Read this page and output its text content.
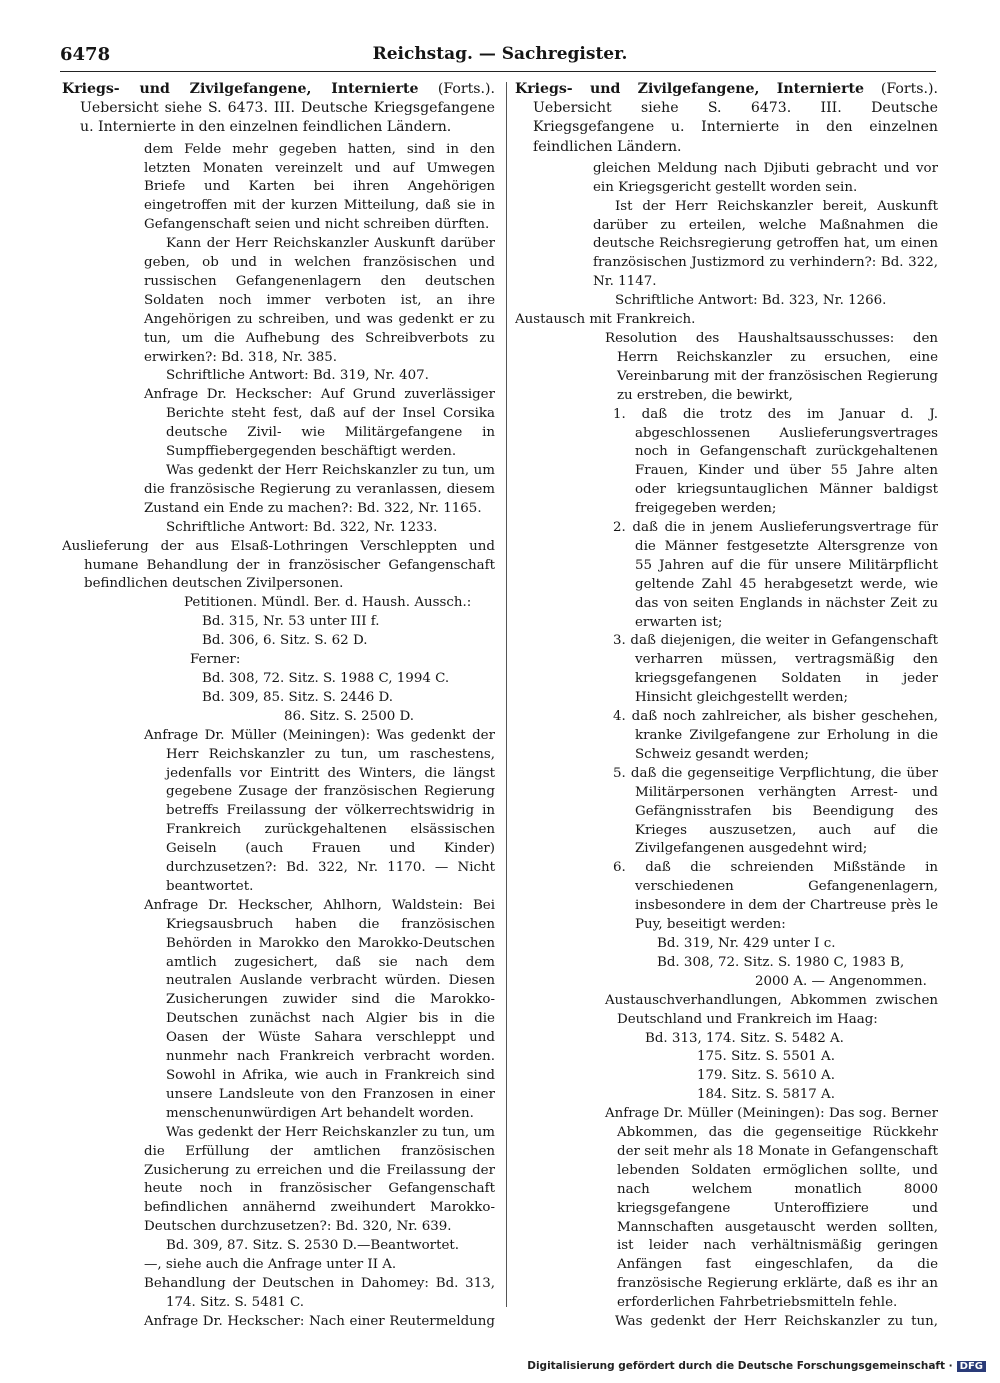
6478	Reichstag. — Sachregister.
Kriegs- und Zivilgefangene, Internierte (Forts.). Uebersicht siehe S. 6473. III. Deutsche Kriegsgefangene u. Internierte in den einzelnen feindlichen Ländern.

dem Felde mehr gegeben hatten, sind in den letzten Monaten vereinzelt und auf Umwegen Briefe und Karten bei ihren Angehörigen eingetroffen mit der kurzen Mitteilung, daß sie in Gefangenschaft seien und nicht schreiben dürften.

Kann der Herr Reichskanzler Auskunft darüber geben, ob und in welchen französischen und russischen Gefangenenlagern den deutschen Soldaten noch immer verboten ist, an ihre Angehörigen zu schreiben, und was gedenkt er zu tun, um die Aufhebung des Schreibverbots zu erwirken?: Bd. 318, Nr. 385.

Schriftliche Antwort: Bd. 319, Nr. 407.

Anfrage Dr. Heckscher: Auf Grund zuverlässiger Berichte steht fest, daß auf der Insel Corsika deutsche Zivil- wie Militärgefangene in Sumpffiebergegenden beschäftigt werden.

Was gedenkt der Herr Reichskanzler zu tun, um die französische Regierung zu veranlassen, diesem Zustand ein Ende zu machen?: Bd. 322, Nr. 1165.

Schriftliche Antwort: Bd. 322, Nr. 1233.

Auslieferung der aus Elsaß-Lothringen Verschleppten und humane Behandlung der in französischer Gefangenschaft befindlichen deutschen Zivilpersonen.

Petitionen. Mündl. Ber. d. Haush. Aussch.:

Bd. 315, Nr. 53 unter III f.

Bd. 306, 6. Sitz. S. 62 D.

Ferner:

Bd. 308, 72. Sitz. S. 1988 C, 1994 C.

Bd. 309, 85. Sitz. S. 2446 D.

86. Sitz. S. 2500 D.

Anfrage Dr. Müller (Meiningen): Was gedenkt der Herr Reichskanzler zu tun, um raschestens, jedenfalls vor Eintritt des Winters, die längst gegebene Zusage der französischen Regierung betreffs Freilassung der völkerrechtswidrig in Frankreich zurückgehaltenen elsässischen Geiseln (auch Frauen und Kinder) durchzusetzen?: Bd. 322, Nr. 1170. — Nicht beantwortet.

Anfrage Dr. Heckscher, Ahlhorn, Waldstein: Bei Kriegsausbruch haben die französischen Behörden in Marokko den Marokko-Deutschen amtlich zugesichert, daß sie nach dem neutralen Auslande verbracht würden. Diesen Zusicherungen zuwider sind die Marokko-Deutschen zunächst nach Algier bis in die Oasen der Wüste Sahara verschleppt und nunmehr nach Frankreich verbracht worden. Sowohl in Afrika, wie auch in Frankreich sind unsere Landsleute von den Franzosen in einer menschenunwürdigen Art behandelt worden.

Was gedenkt der Herr Reichskanzler zu tun, um die Erfüllung der amtlichen französischen Zusicherung zu erreichen und die Freilassung der heute noch in französischer Gefangenschaft befindlichen annähernd zweihundert Marokko-Deutschen durchzusetzen?: Bd. 320, Nr. 639.

Bd. 309, 87. Sitz. S. 2530 D.—Beantwortet.

—, siehe auch die Anfrage unter II A.

Behandlung der Deutschen in Dahomey: Bd. 313, 174. Sitz. S. 5481 C.

Anfrage Dr. Heckscher: Nach einer Reutermeldung

Kriegs- und Zivilgefangene, Internierte (Forts.). Uebersicht siehe S. 6473. III. Deutsche Kriegsgefangene u. Internierte in den einzelnen feindlichen Ländern.

gleichen Meldung nach Djibuti gebracht und vor ein Kriegsgericht gestellt worden sein.

Ist der Herr Reichskanzler bereit, Auskunft darüber zu erteilen, welche Maßnahmen die deutsche Reichsregierung getroffen hat, um einen französischen Justizmord zu verhindern?: Bd. 322, Nr. 1147.

Schriftliche Antwort: Bd. 323, Nr. 1266.

Austausch mit Frankreich.

Resolution des Haushaltsausschusses: den Herrn Reichskanzler zu ersuchen, eine Vereinbarung mit der französischen Regierung zu erstreben, die bewirkt,

1. daß die trotz des im Januar d. J. abgeschlossenen Auslieferungsvertrages noch in Gefangenschaft zurückgehaltenen Frauen, Kinder und über 55 Jahre alten oder kriegsuntauglichen Männer baldigst freigegeben werden;

2. daß die in jenem Auslieferungsvertrage für die Männer festgesetzte Altersgrenze von 55 Jahren auf die für unsere Militärpflicht geltende Zahl 45 herabgesetzt werde, wie das von seiten Englands in nächster Zeit zu erwarten ist;

3. daß diejenigen, die weiter in Gefangenschaft verharren müssen, vertragsmäßig den kriegsgefangenen Soldaten in jeder Hinsicht gleichgestellt werden;

4. daß noch zahlreicher, als bisher geschehen, kranke Zivilgefangene zur Erholung in die Schweiz gesandt werden;

5. daß die gegenseitige Verpflichtung, die über Militärpersonen verhängten Arrest- und Gefängnisstrafen bis Beendigung des Krieges auszusetzen, auch auf die Zivilgefangenen ausgedehnt wird;

6. daß die schreienden Mißstände in verschiedenen Gefangenenlagern, insbesondere in dem der Chartreuse près le Puy, beseitigt werden:

Bd. 319, Nr. 429 unter I c.

Bd. 308, 72. Sitz. S. 1980 C, 1983 B,

2000 A. — Angenommen.

Austauschverhandlungen, Abkommen zwischen Deutschland und Frankreich im Haag:

Bd. 313, 174. Sitz. S. 5482 A.

175. Sitz. S. 5501 A.

179. Sitz. S. 5610 A.

184. Sitz. S. 5817 A.

Anfrage Dr. Müller (Meiningen): Das sog. Berner Abkommen, das die gegenseitige Rückkehr der seit mehr als 18 Monate in Gefangenschaft lebenden Soldaten ermöglichen sollte, und nach welchem monatlich 8000 kriegsgefangene Unteroffiziere und Mannschaften ausgetauscht werden sollten, ist leider nach verhältnismäßig geringen Anfängen fast eingeschlafen, da die französische Regierung erklärte, daß es ihr an erforderlichen Fahrbetriebsmitteln fehle.

Was gedenkt der Herr Reichskanzler zu tun,

Digitalisierung gefördert durch die Deutsche Forschungsgemeinschaft · DFG
